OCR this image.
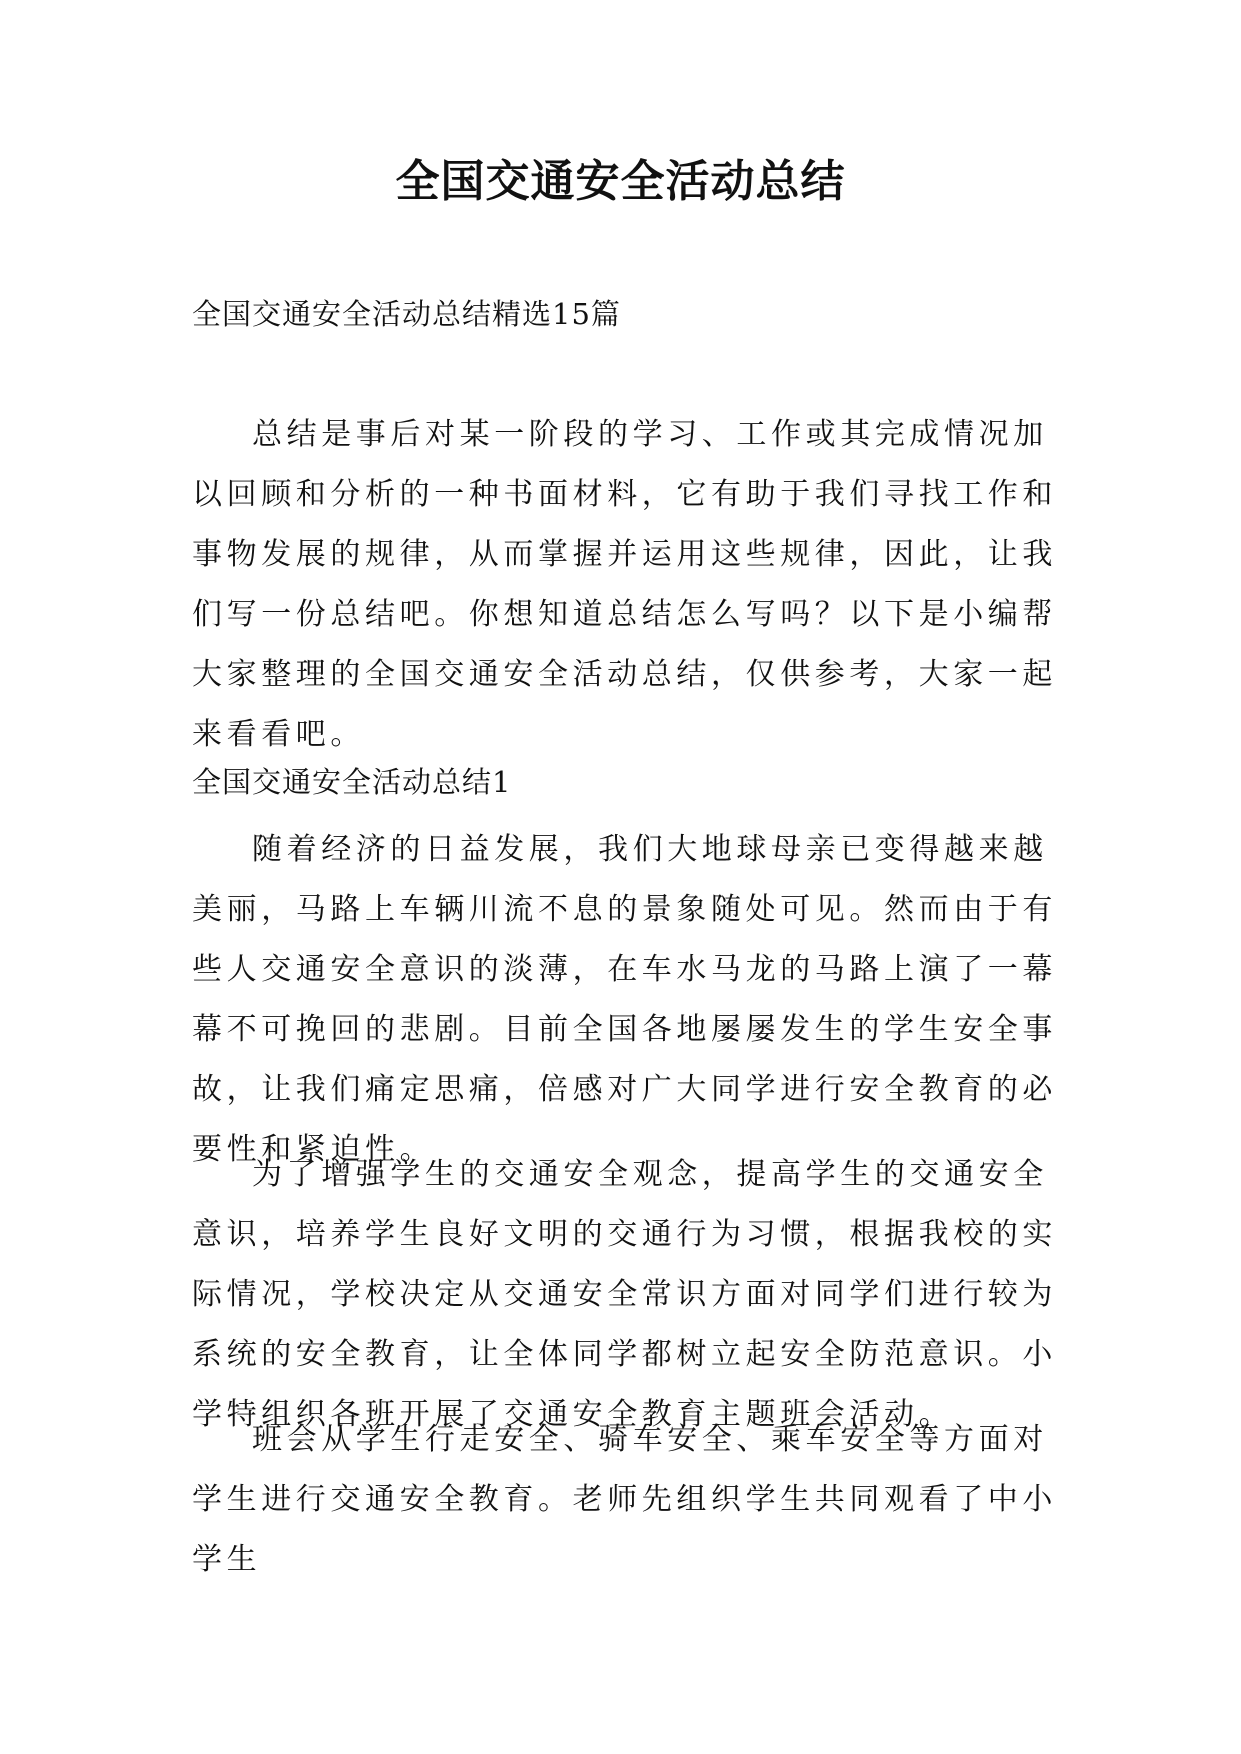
全国交通安全活动总结

全国交通安全活动总结精选15篇

总结是事后对某一阶段的学习、工作或其完成情况加以回顾和分析的一种书面材料，它有助于我们寻找工作和事物发展的规律，从而掌握并运用这些规律，因此，让我们写一份总结吧。你想知道总结怎么写吗？以下是小编帮大家整理的全国交通安全活动总结，仅供参考，大家一起来看看吧。

全国交通安全活动总结1

随着经济的日益发展，我们大地球母亲已变得越来越美丽，马路上车辆川流不息的景象随处可见。然而由于有些人交通安全意识的淡薄，在车水马龙的马路上演了一幕幕不可挽回的悲剧。目前全国各地屡屡发生的学生安全事故，让我们痛定思痛，倍感对广大同学进行安全教育的必要性和紧迫性。

为了增强学生的交通安全观念，提高学生的交通安全意识，培养学生良好文明的交通行为习惯，根据我校的实际情况，学校决定从交通安全常识方面对同学们进行较为系统的安全教育，让全体同学都树立起安全防范意识。小学特组织各班开展了交通安全教育主题班会活动。

班会从学生行走安全、骑车安全、乘车安全等方面对学生进行交通安全教育。老师先组织学生共同观看了中小学生
